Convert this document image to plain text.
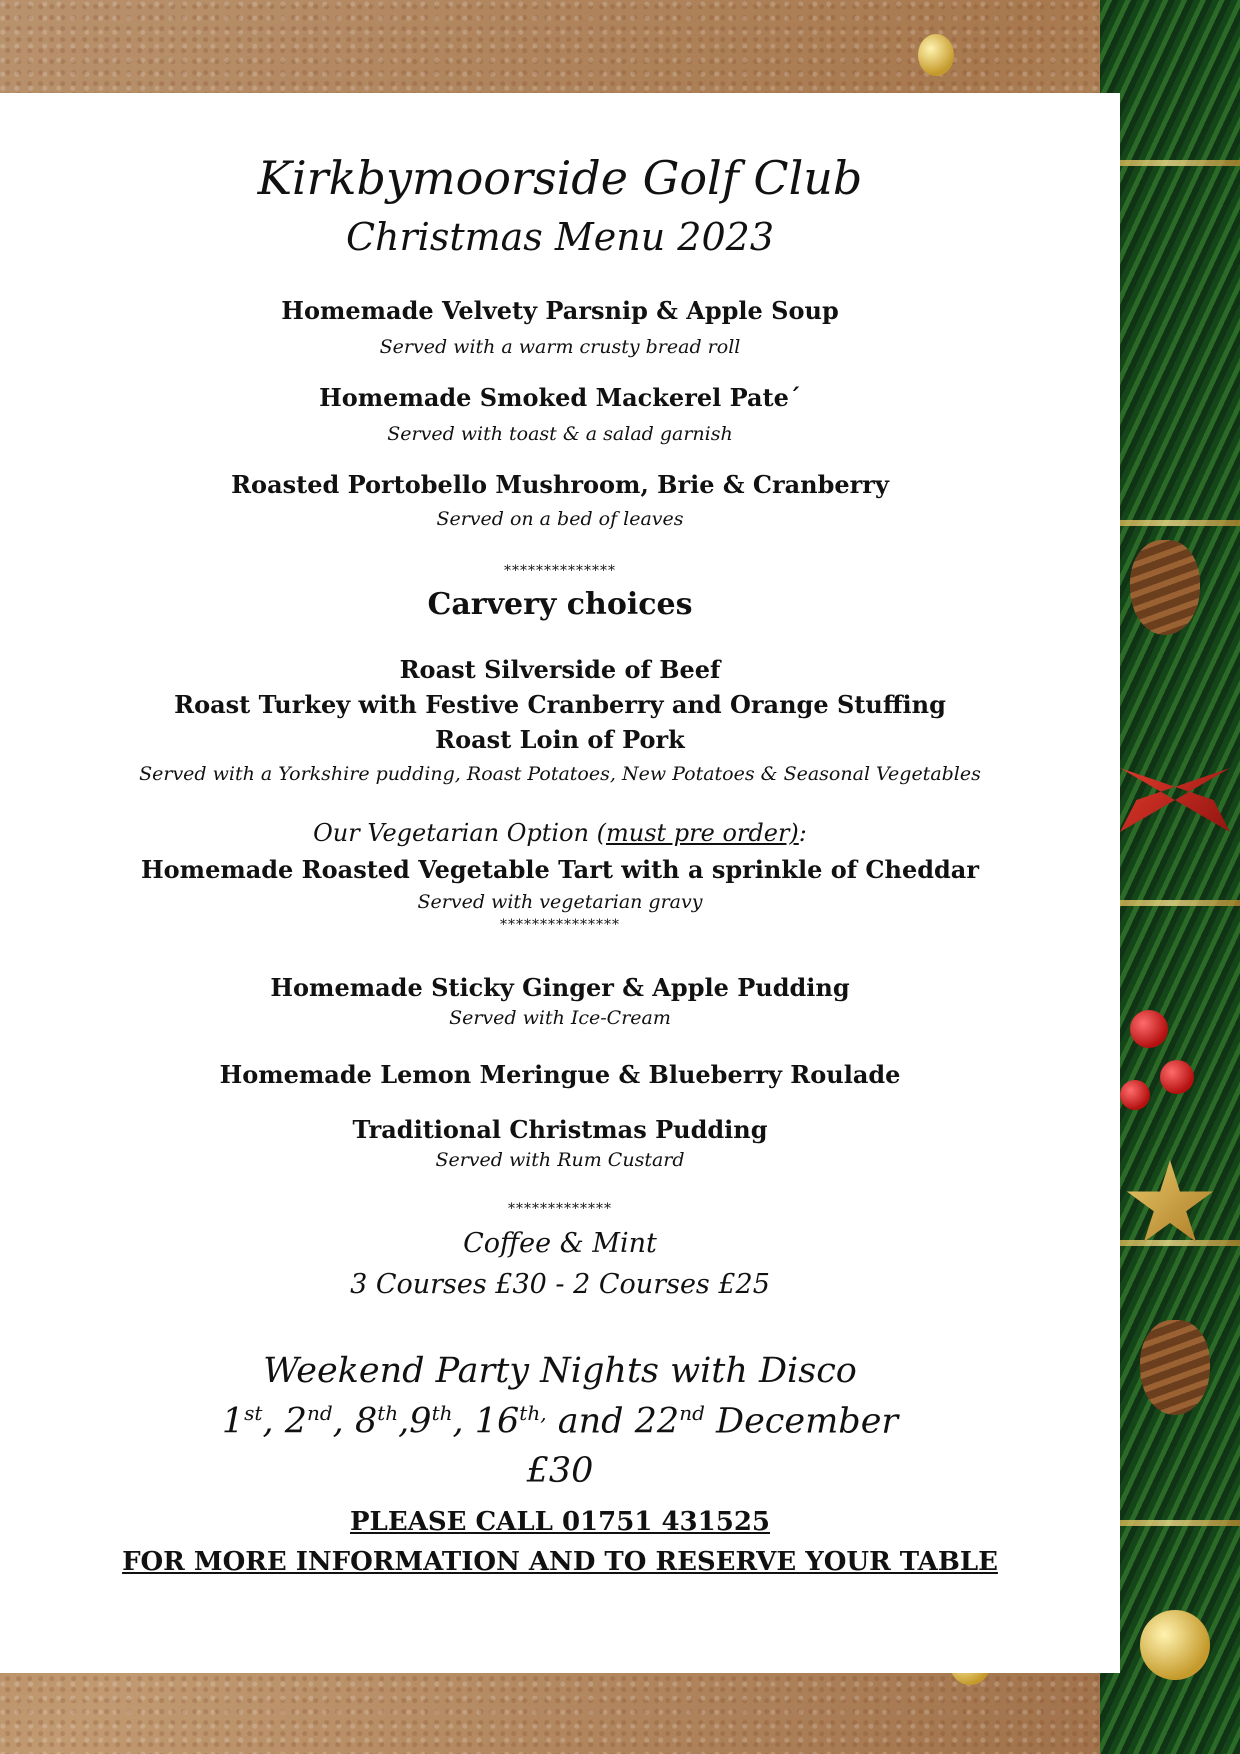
Kirkbymoorside Golf Club
Christmas Menu 2023
Homemade Velvety Parsnip & Apple Soup
Served with a warm crusty bread roll
Homemade Smoked Mackerel Pate´
Served with toast & a salad garnish
Roasted Portobello Mushroom, Brie & Cranberry
Served on a bed of leaves
**************
Carvery choices
Roast Silverside of Beef
Roast Turkey with Festive Cranberry and Orange Stuffing
Roast Loin of Pork
Served with a Yorkshire pudding, Roast Potatoes, New Potatoes & Seasonal Vegetables
Our Vegetarian Option (must pre order):
Homemade Roasted Vegetable Tart with a sprinkle of Cheddar
Served with vegetarian gravy
***************
Homemade Sticky Ginger & Apple Pudding
Served with Ice-Cream
Homemade Lemon Meringue & Blueberry Roulade
Traditional Christmas Pudding
Served with Rum Custard
*************
Coffee & Mint
3 Courses £30 - 2 Courses £25
Weekend Party Nights with Disco
1st, 2nd, 8th,9th, $16^{th,}$ and 22nd December
£30
PLEASE CALL 01751 431525
FOR MORE INFORMATION AND TO RESERVE YOUR TABLE
